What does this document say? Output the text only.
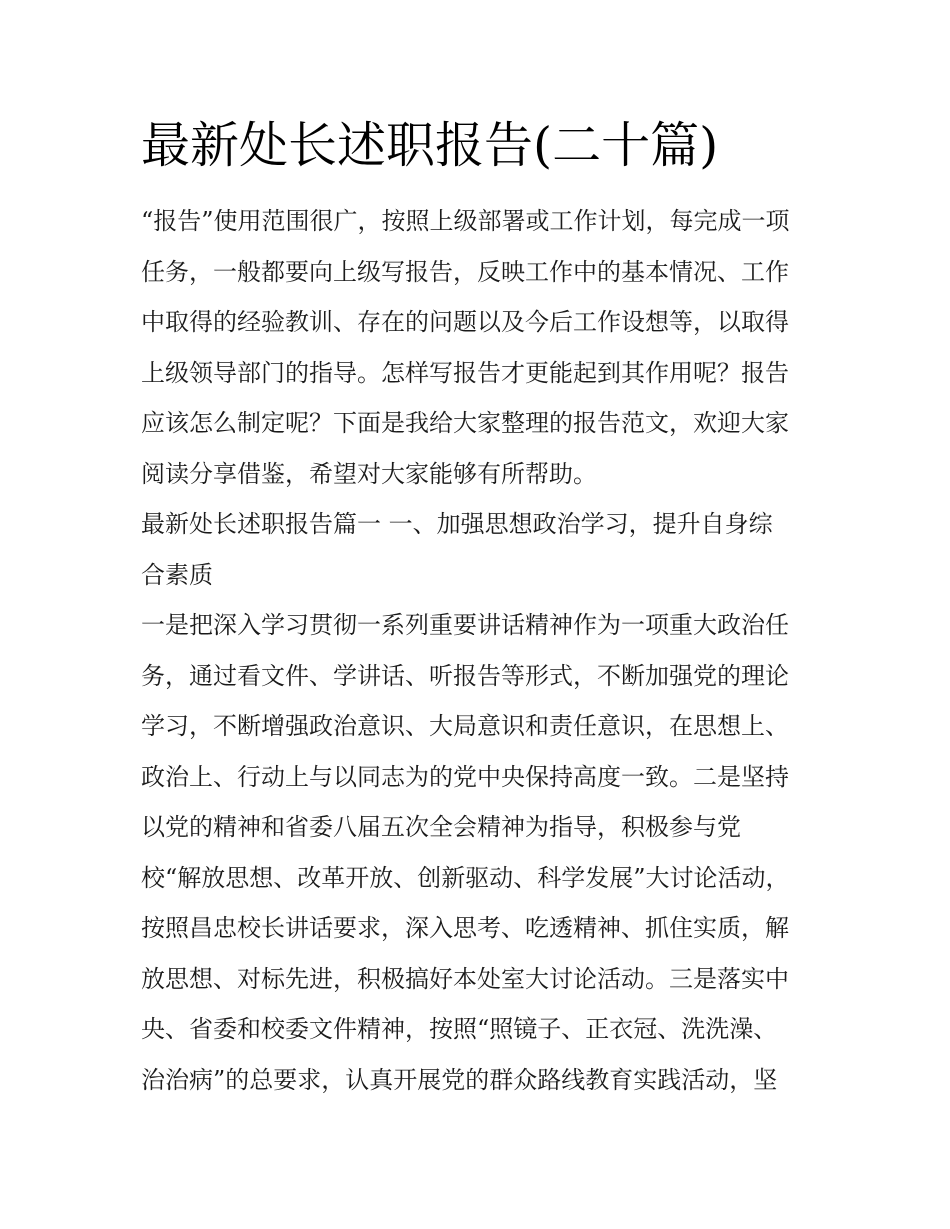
最新处长述职报告(二十篇)
“报告”使用范围很广，按照上级部署或工作计划，每完成一项
任务，一般都要向上级写报告，反映工作中的基本情况、工作
中取得的经验教训、存在的问题以及今后工作设想等，以取得
上级领导部门的指导。怎样写报告才更能起到其作用呢？报告
应该怎么制定呢？下面是我给大家整理的报告范文，欢迎大家
阅读分享借鉴，希望对大家能够有所帮助。
最新处长述职报告篇一 一、加强思想政治学习，提升自身综
合素质
一是把深入学习贯彻一系列重要讲话精神作为一项重大政治任
务，通过看文件、学讲话、听报告等形式，不断加强党的理论
学习，不断增强政治意识、大局意识和责任意识，在思想上、
政治上、行动上与以同志为的党中央保持高度一致。二是坚持
以党的精神和省委八届五次全会精神为指导，积极参与党
校“解放思想、改革开放、创新驱动、科学发展”大讨论活动，
按照昌忠校长讲话要求，深入思考、吃透精神、抓住实质，解
放思想、对标先进，积极搞好本处室大讨论活动。三是落实中
央、省委和校委文件精神，按照“照镜子、正衣冠、洗洗澡、
治治病”的总要求，认真开展党的群众路线教育实践活动，坚
